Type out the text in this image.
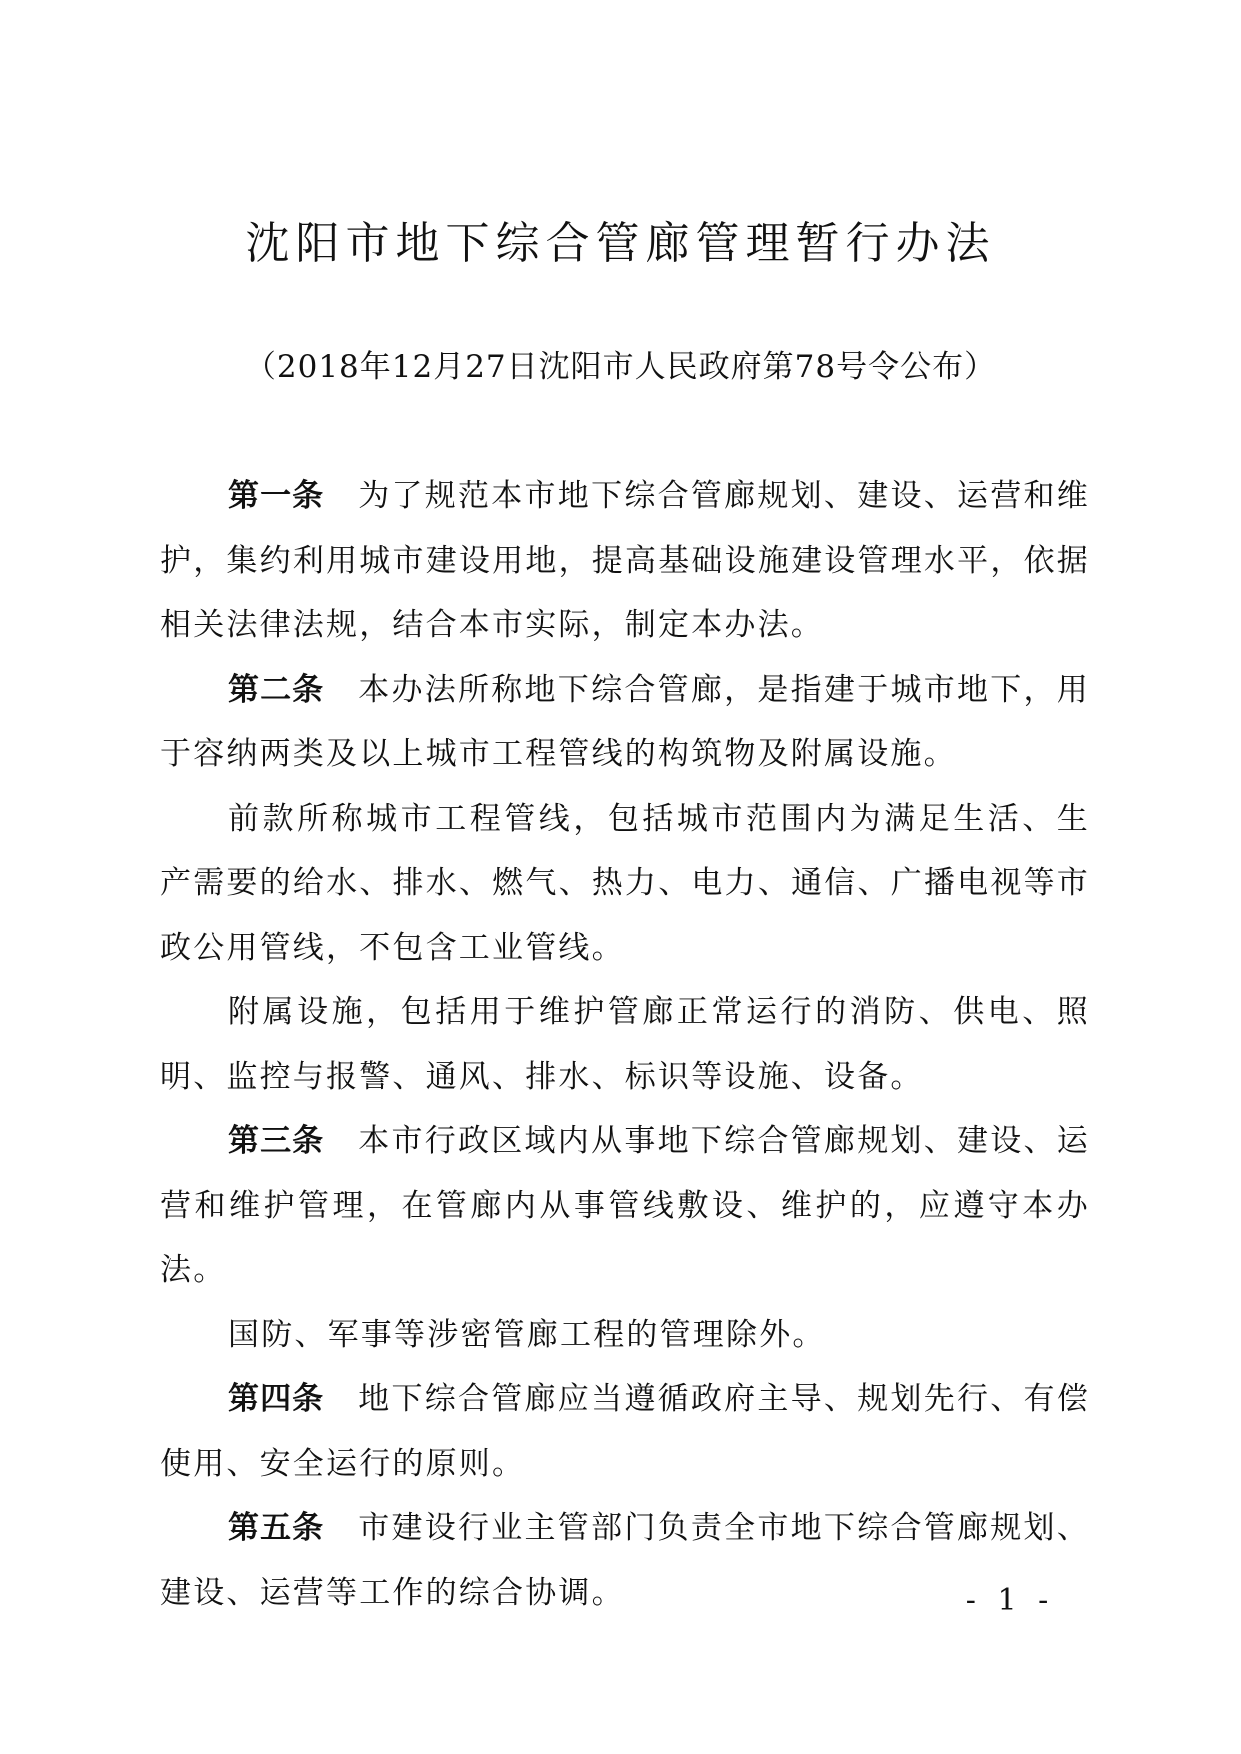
沈阳市地下综合管廊管理暂行办法
（2018年12月27日沈阳市人民政府第78号令公布）

第一条 为了规范本市地下综合管廊规划、建设、运营和维护，集约利用城市建设用地，提高基础设施建设管理水平，依据相关法律法规，结合本市实际，制定本办法。

第二条 本办法所称地下综合管廊，是指建于城市地下，用于容纳两类及以上城市工程管线的构筑物及附属设施。

前款所称城市工程管线，包括城市范围内为满足生活、生产需要的给水、排水、燃气、热力、电力、通信、广播电视等市政公用管线，不包含工业管线。

附属设施，包括用于维护管廊正常运行的消防、供电、照明、监控与报警、通风、排水、标识等设施、设备。

第三条 本市行政区域内从事地下综合管廊规划、建设、运营和维护管理，在管廊内从事管线敷设、维护的，应遵守本办法。

国防、军事等涉密管廊工程的管理除外。

第四条 地下综合管廊应当遵循政府主导、规划先行、有偿使用、安全运行的原则。

第五条 市建设行业主管部门负责全市地下综合管廊规划、建设、运营等工作的综合协调。	- 1 -
